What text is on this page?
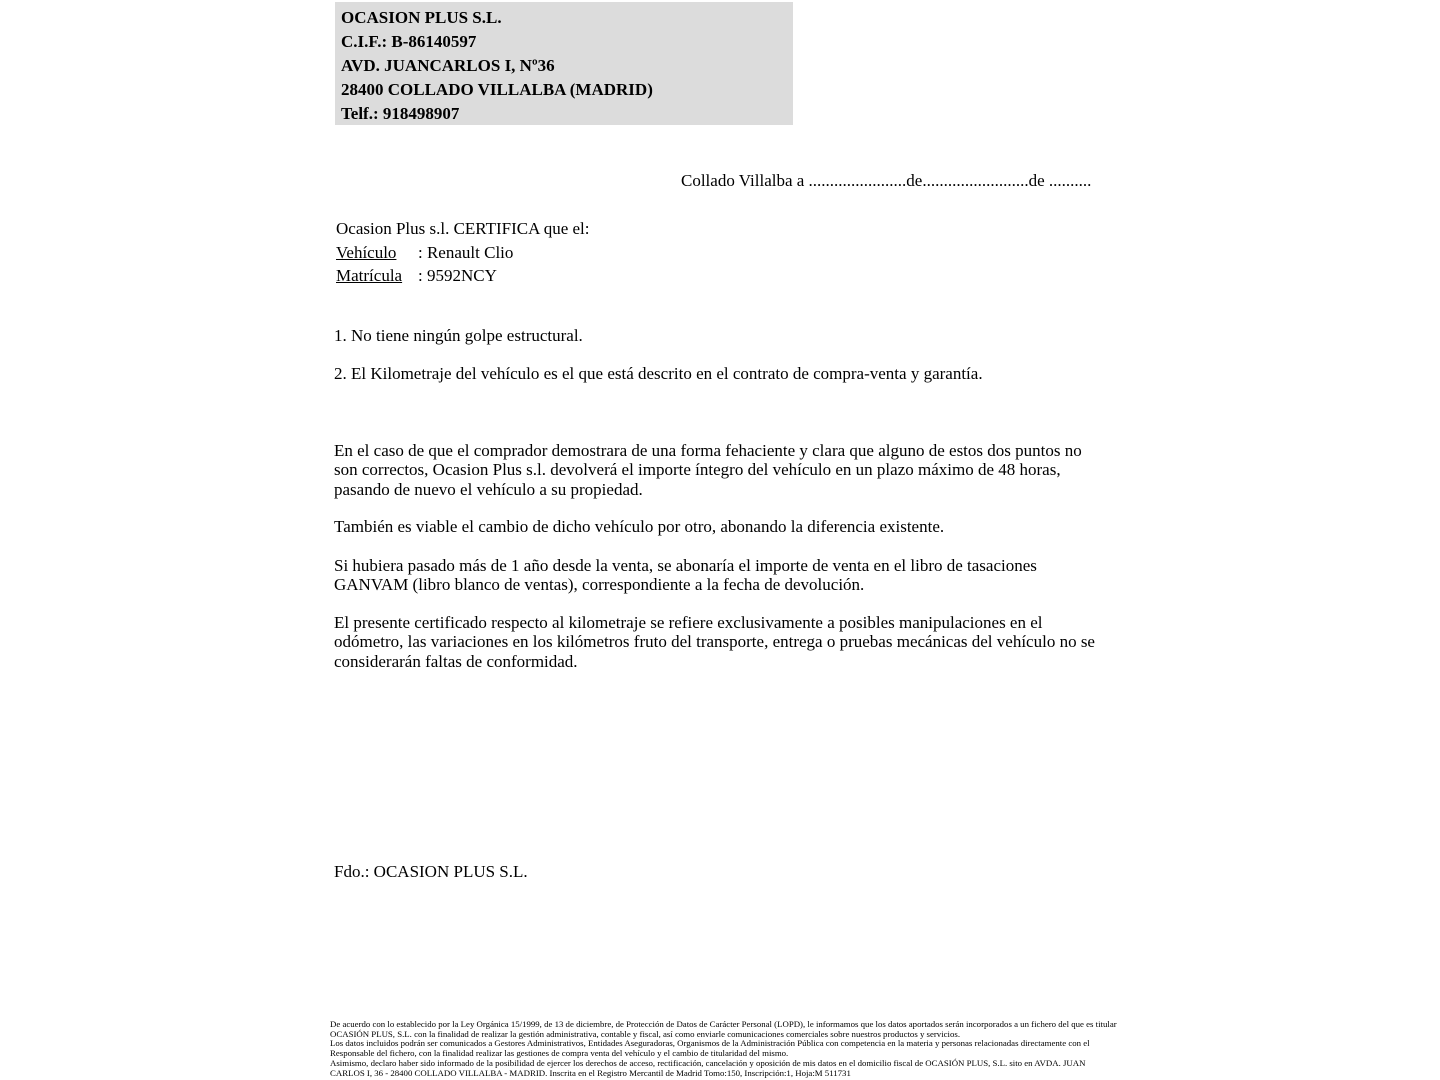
OCASION PLUS S.L.
C.I.F.: B-86140597
AVD. JUANCARLOS I, Nº36
28400 COLLADO VILLALBA (MADRID)
Telf.: 918498907
Collado Villalba a .......................de.........................de ..........
Ocasion Plus s.l. CERTIFICA que el:
Vehículo : Renault Clio
Matrícula : 9592NCY
1. No tiene ningún golpe estructural.
2. El Kilometraje del vehículo es el que está descrito en el contrato de compra-venta y garantía.
En el caso de que el comprador demostrara de una forma fehaciente y clara que alguno de estos dos puntos no son correctos, Ocasion Plus s.l. devolverá el importe íntegro del vehículo en un plazo máximo de 48 horas, pasando de nuevo el vehículo a su propiedad.
También es viable el cambio de dicho vehículo por otro, abonando la diferencia existente.
Si hubiera pasado más de 1 año desde la venta, se abonaría el importe de venta en el libro de tasaciones GANVAM (libro blanco de ventas), correspondiente a la fecha de devolución.
El presente certificado respecto al kilometraje se refiere exclusivamente a posibles manipulaciones en el odómetro, las variaciones en los kilómetros fruto del transporte, entrega o pruebas mecánicas del vehículo no se considerarán faltas de conformidad.
Fdo.: OCASION PLUS S.L.
De acuerdo con lo establecido por la Ley Orgánica 15/1999, de 13 de diciembre, de Protección de Datos de Carácter Personal (LOPD), le informamos que los datos aportados serán incorporados a un fichero del que es titular
OCASIÓN PLUS, S.L. con la finalidad de realizar la gestión administrativa, contable y fiscal, así como enviarle comunicaciones comerciales sobre nuestros productos y servicios.
Los datos incluidos podrán ser comunicados a Gestores Administrativos, Entidades Aseguradoras, Organismos de la Administración Pública con competencia en la materia y personas relacionadas directamente con el
Responsable del fichero, con la finalidad realizar las gestiones de compra venta del vehículo y el cambio de titularidad del mismo.
Asimismo, declaro haber sido informado de la posibilidad de ejercer los derechos de acceso, rectificación, cancelación y oposición de mis datos en el domicilio fiscal de OCASIÓN PLUS, S.L. sito en AVDA. JUAN
CARLOS I, 36 - 28400 COLLADO VILLALBA - MADRID. Inscrita en el Registro Mercantil de Madrid Tomo:150, Inscripción:1, Hoja:M 511731
